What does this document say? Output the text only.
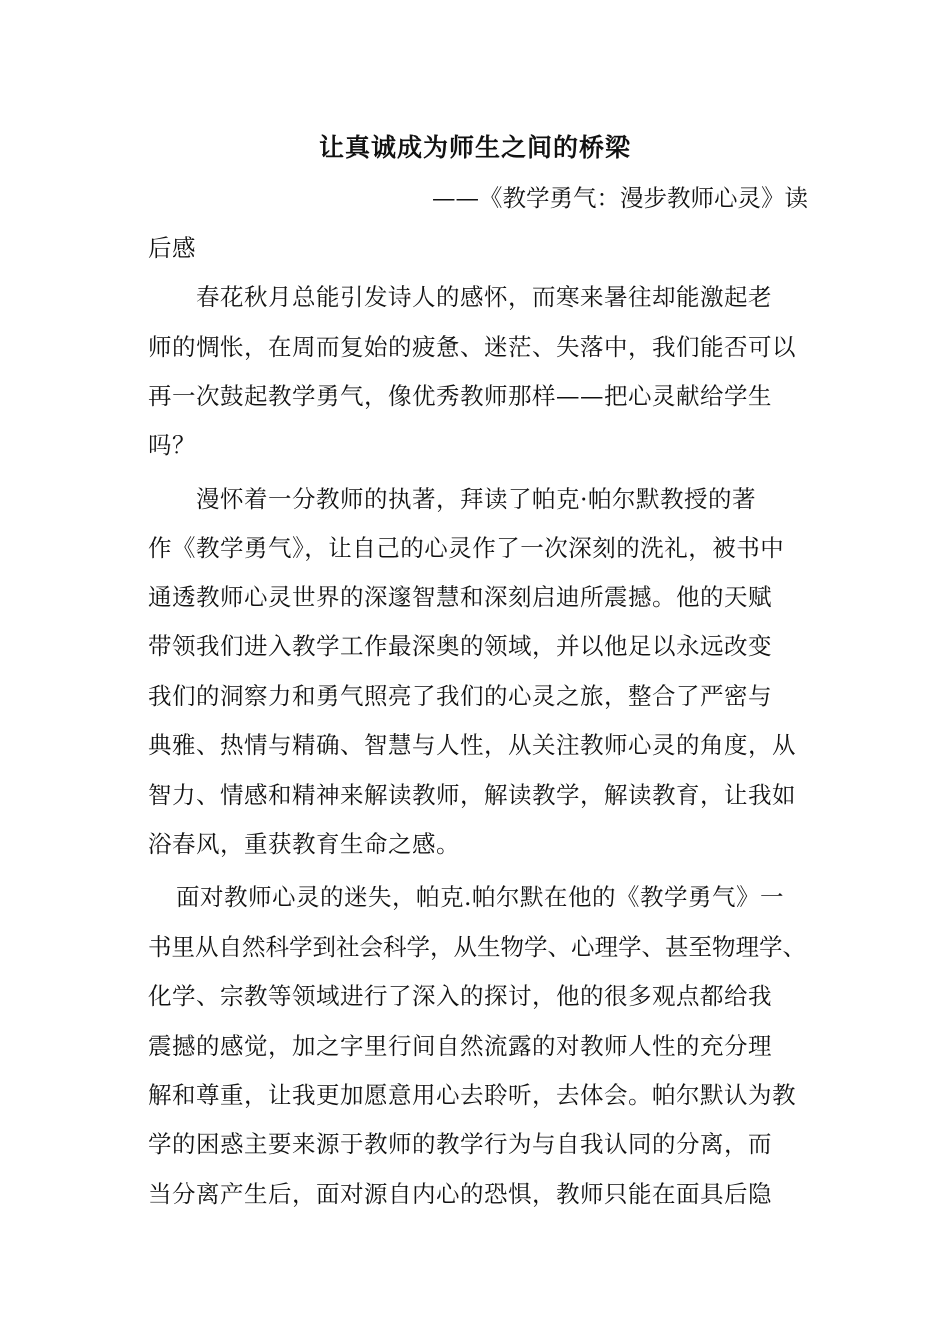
让真诚成为师生之间的桥梁
——《教学勇气：漫步教师心灵》读
后感
春花秋月总能引发诗人的感怀，而寒来暑往却能激起老
师的惆怅，在周而复始的疲惫、迷茫、失落中，我们能否可以
再一次鼓起教学勇气，像优秀教师那样——把心灵献给学生
吗？
漫怀着一分教师的执著，拜读了帕克·帕尔默教授的著
作《教学勇气》，让自己的心灵作了一次深刻的洗礼，被书中
通透教师心灵世界的深邃智慧和深刻启迪所震撼。他的天赋
带领我们进入教学工作最深奥的领域，并以他足以永远改变
我们的洞察力和勇气照亮了我们的心灵之旅，整合了严密与
典雅、热情与精确、智慧与人性，从关注教师心灵的角度，从
智力、情感和精神来解读教师，解读教学，解读教育，让我如
浴春风，重获教育生命之感。
面对教师心灵的迷失，帕克.帕尔默在他的《教学勇气》一
书里从自然科学到社会科学，从生物学、心理学、甚至物理学、
化学、宗教等领域进行了深入的探讨，他的很多观点都给我
震撼的感觉，加之字里行间自然流露的对教师人性的充分理
解和尊重，让我更加愿意用心去聆听，去体会。帕尔默认为教
学的困惑主要来源于教师的教学行为与自我认同的分离，而
当分离产生后，面对源自内心的恐惧，教师只能在面具后隐
